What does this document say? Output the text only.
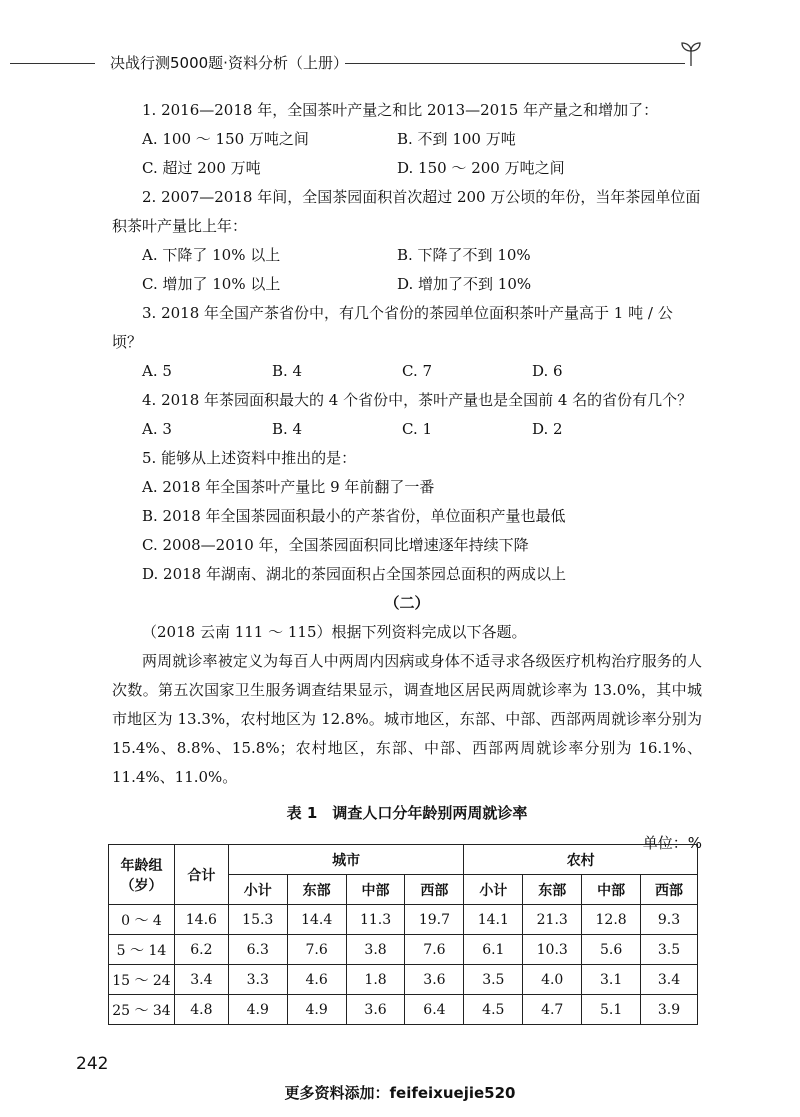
决战行测5000题·资料分析（上册）
1. 2016—2018 年，全国茶叶产量之和比 2013—2015 年产量之和增加了：
A. 100 ～ 150 万吨之间	B. 不到 100 万吨
C. 超过 200 万吨	D. 150 ～ 200 万吨之间
2. 2007—2018 年间，全国茶园面积首次超过 200 万公顷的年份，当年茶园单位面积茶叶产量比上年：
A. 下降了 10% 以上	B. 下降了不到 10%
C. 增加了 10% 以上	D. 增加了不到 10%
3. 2018 年全国产茶省份中，有几个省份的茶园单位面积茶叶产量高于 1 吨 / 公顷？
A. 5	B. 4	C. 7	D. 6
4. 2018 年茶园面积最大的 4 个省份中，茶叶产量也是全国前 4 名的省份有几个？
A. 3	B. 4	C. 1	D. 2
5. 能够从上述资料中推出的是：
A. 2018 年全国茶叶产量比 9 年前翻了一番
B. 2018 年全国茶园面积最小的产茶省份，单位面积产量也最低
C. 2008—2010 年，全国茶园面积同比增速逐年持续下降
D. 2018 年湖南、湖北的茶园面积占全国茶园总面积的两成以上
（二）
（2018 云南 111 ～ 115）根据下列资料完成以下各题。
两周就诊率被定义为每百人中两周内因病或身体不适寻求各级医疗机构治疗服务的人次数。第五次国家卫生服务调查结果显示，调查地区居民两周就诊率为 13.0%，其中城市地区为 13.3%，农村地区为 12.8%。城市地区，东部、中部、西部两周就诊率分别为 15.4%、8.8%、15.8%；农村地区，东部、中部、西部两周就诊率分别为 16.1%、11.4%、11.0%。
表 1　调查人口分年龄别两周就诊率
单位：%
年龄组
（岁）	合计	城市				农村			
		小计	东部	中部	西部	小计	东部	中部	西部
0 ～ 4	14.6	15.3	14.4	11.3	19.7	14.1	21.3	12.8	9.3
5 ～ 14	6.2	6.3	7.6	3.8	7.6	6.1	10.3	5.6	3.5
15 ～ 24	3.4	3.3	4.6	1.8	3.6	3.5	4.0	3.1	3.4
25 ～ 34	4.8	4.9	4.9	3.6	6.4	4.5	4.7	5.1	3.9
242
更多资料添加：feifeixuejie520
